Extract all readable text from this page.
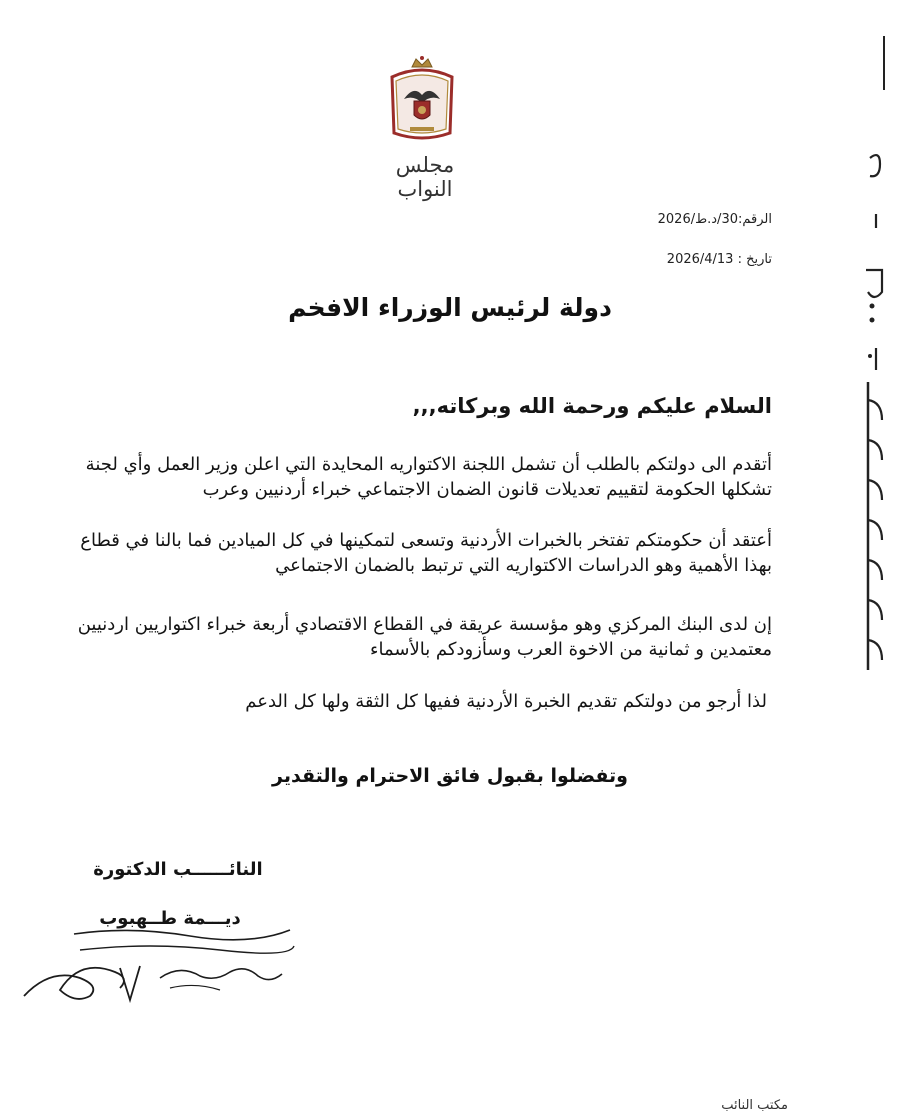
مجلس النواب
الرقم:30/د.ط/2026
تاريخ : 2026/4/13
دولة لرئيس الوزراء الافخم
السلام عليكم ورحمة الله وبركاته,,,
أتقدم الى دولتكم بالطلب أن تشمل اللجنة الاكتواريه المحايدة التي اعلن وزير العمل وأي لجنة تشكلها الحكومة لتقييم تعديلات قانون الضمان الاجتماعي خبراء أردنيين وعرب
أعتقد أن حكومتكم تفتخر بالخبرات الأردنية وتسعى لتمكينها في كل الميادين فما بالنا في قطاع بهذا الأهمية وهو الدراسات الاكتواريه التي ترتبط بالضمان الاجتماعي
إن لدى البنك المركزي وهو مؤسسة عريقة في القطاع الاقتصادي أربعة خبراء اكتواريين اردنيين معتمدين و ثمانية من الاخوة العرب وسأزودكم بالأسماء
لذا أرجو من دولتكم تقديم الخبرة الأردنية ففيها كل الثقة ولها كل الدعم
وتفضلوا بقبول فائق الاحترام والتقدير
النائــــــب الدكتورة
ديـــمة طــهبوب
مكتب النائب
